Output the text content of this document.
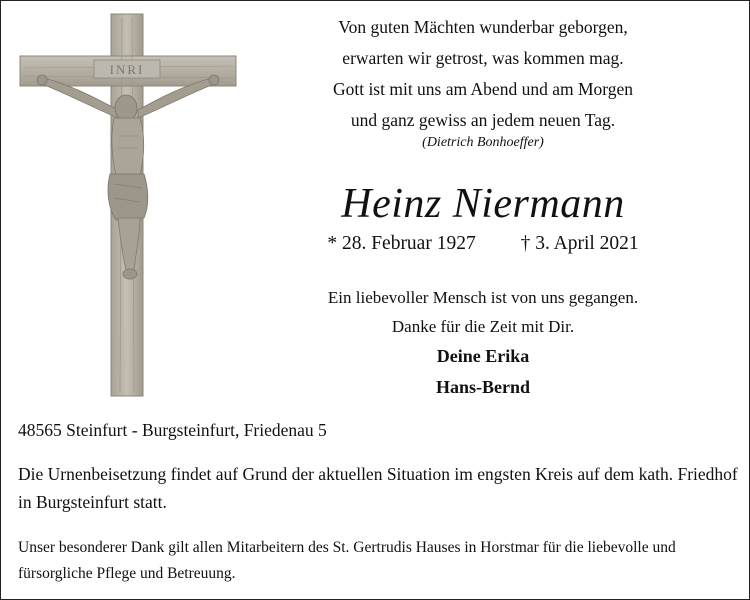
INRI
Von guten Mächten wunderbar geborgen,
erwarten wir getrost, was kommen mag.
Gott ist mit uns am Abend und am Morgen
und ganz gewiss an jedem neuen Tag.
(Dietrich Bonhoeffer)
Heinz Niermann
* 28. Februar 1927 † 3. April 2021
Ein liebevoller Mensch ist von uns gegangen.
Danke für die Zeit mit Dir.
Deine Erika
Hans-Bernd
48565 Steinfurt - Burgsteinfurt, Friedenau 5
Die Urnenbeisetzung findet auf Grund der aktuellen Situation im engsten Kreis auf dem kath. Friedhof in Burgsteinfurt statt.
Unser besonderer Dank gilt allen Mitarbeitern des St. Gertrudis Hauses in Horstmar für die liebevolle und fürsorgliche Pflege und Betreuung.
